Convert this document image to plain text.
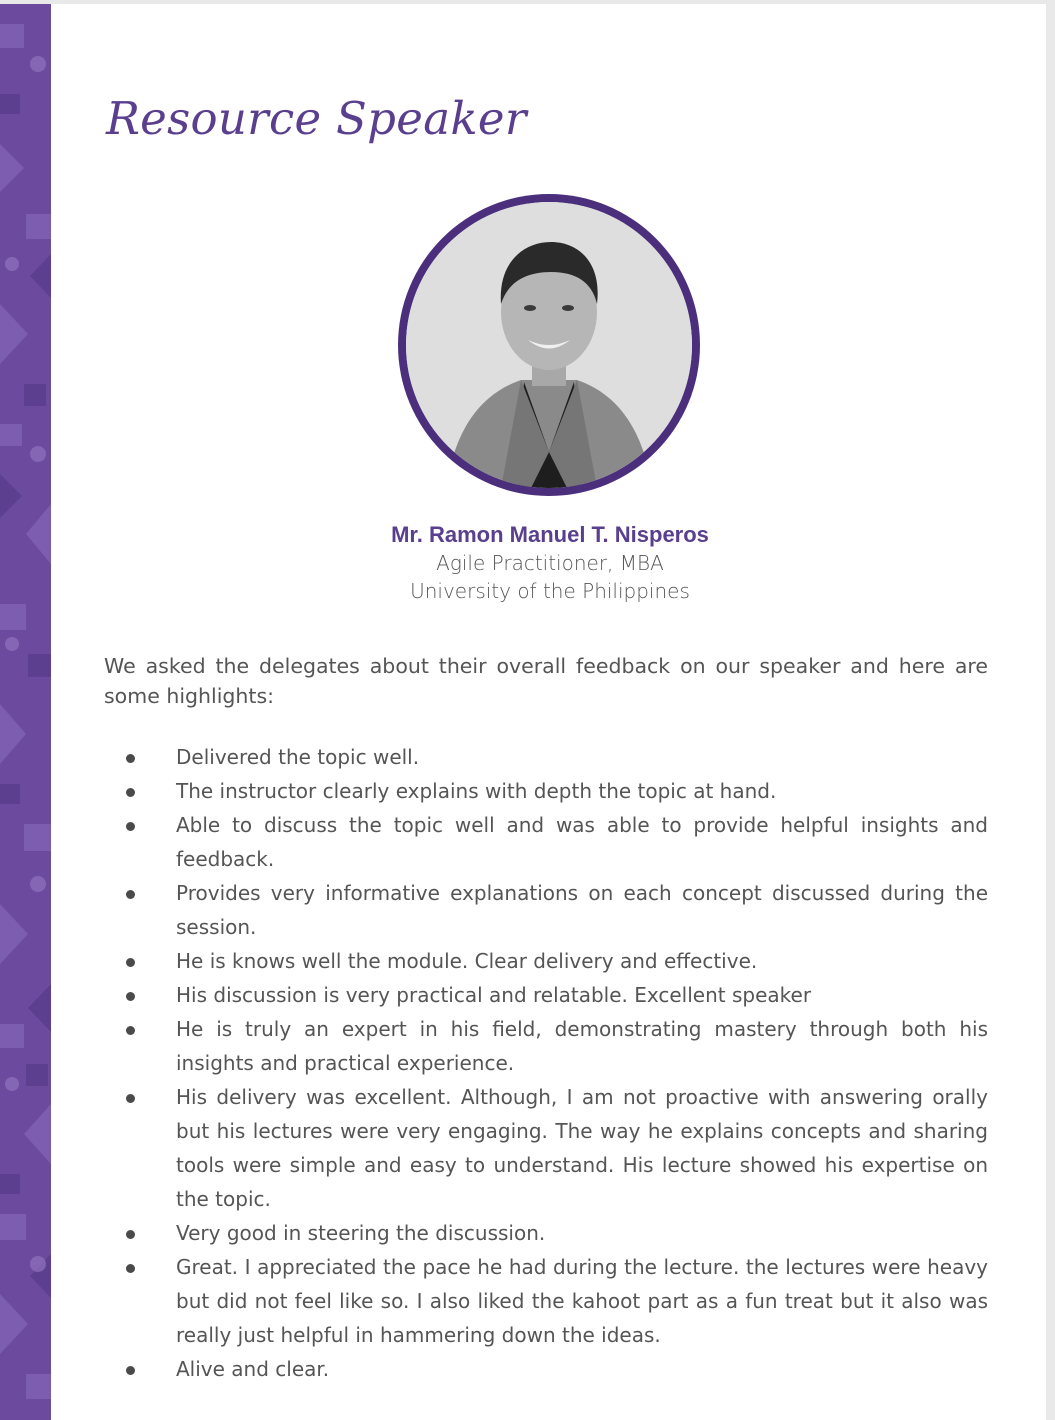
Resource Speaker
Mr. Ramon Manuel T. Nisperos
Agile Practitioner, MBA
University of the Philippines

We asked the delegates about their overall feedback on our speaker and here are some highlights:

Delivered the topic well.
The instructor clearly explains with depth the topic at hand.
Able to discuss the topic well and was able to provide helpful insights and feedback.
Provides very informative explanations on each concept discussed during the session.
He is knows well the module. Clear delivery and effective.
His discussion is very practical and relatable. Excellent speaker
He is truly an expert in his field, demonstrating mastery through both his insights and practical experience.
His delivery was excellent. Although, I am not proactive with answering orally but his lectures were very engaging. The way he explains concepts and sharing tools were simple and easy to understand. His lecture showed his expertise on the topic.
Very good in steering the discussion.
Great. I appreciated the pace he had during the lecture. the lectures were heavy but did not feel like so. I also liked the kahoot part as a fun treat but it also was really just helpful in hammering down the ideas.
Alive and clear.
